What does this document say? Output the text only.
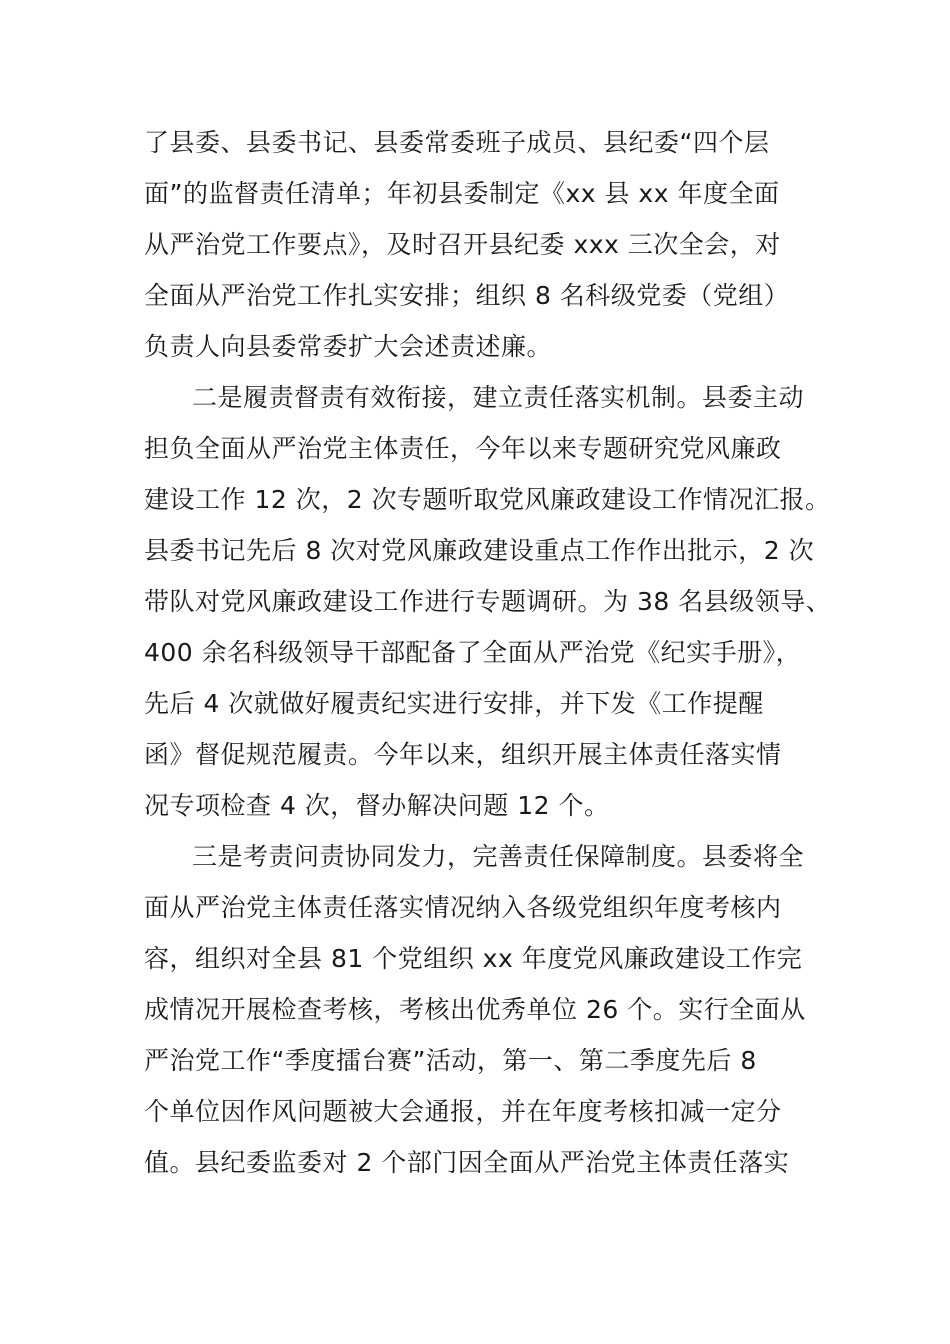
了县委、县委书记、县委常委班子成员、县纪委“四个层
面”的监督责任清单；年初县委制定《xx 县 xx 年度全面
从严治党工作要点》，及时召开县纪委 xxx 三次全会，对
全面从严治党工作扎实安排；组织 8 名科级党委（党组）
负责人向县委常委扩大会述责述廉。
二是履责督责有效衔接，建立责任落实机制。县委主动
担负全面从严治党主体责任，今年以来专题研究党风廉政
建设工作 12 次，2 次专题听取党风廉政建设工作情况汇报。
县委书记先后 8 次对党风廉政建设重点工作作出批示，2 次
带队对党风廉政建设工作进行专题调研。为 38 名县级领导、
400 余名科级领导干部配备了全面从严治党《纪实手册》，
先后 4 次就做好履责纪实进行安排，并下发《工作提醒
函》督促规范履责。今年以来，组织开展主体责任落实情
况专项检查 4 次，督办解决问题 12 个。
三是考责问责协同发力，完善责任保障制度。县委将全
面从严治党主体责任落实情况纳入各级党组织年度考核内
容，组织对全县 81 个党组织 xx 年度党风廉政建设工作完
成情况开展检查考核，考核出优秀单位 26 个。实行全面从
严治党工作“季度擂台赛”活动，第一、第二季度先后 8
个单位因作风问题被大会通报，并在年度考核扣减一定分
值。县纪委监委对 2 个部门因全面从严治党主体责任落实
